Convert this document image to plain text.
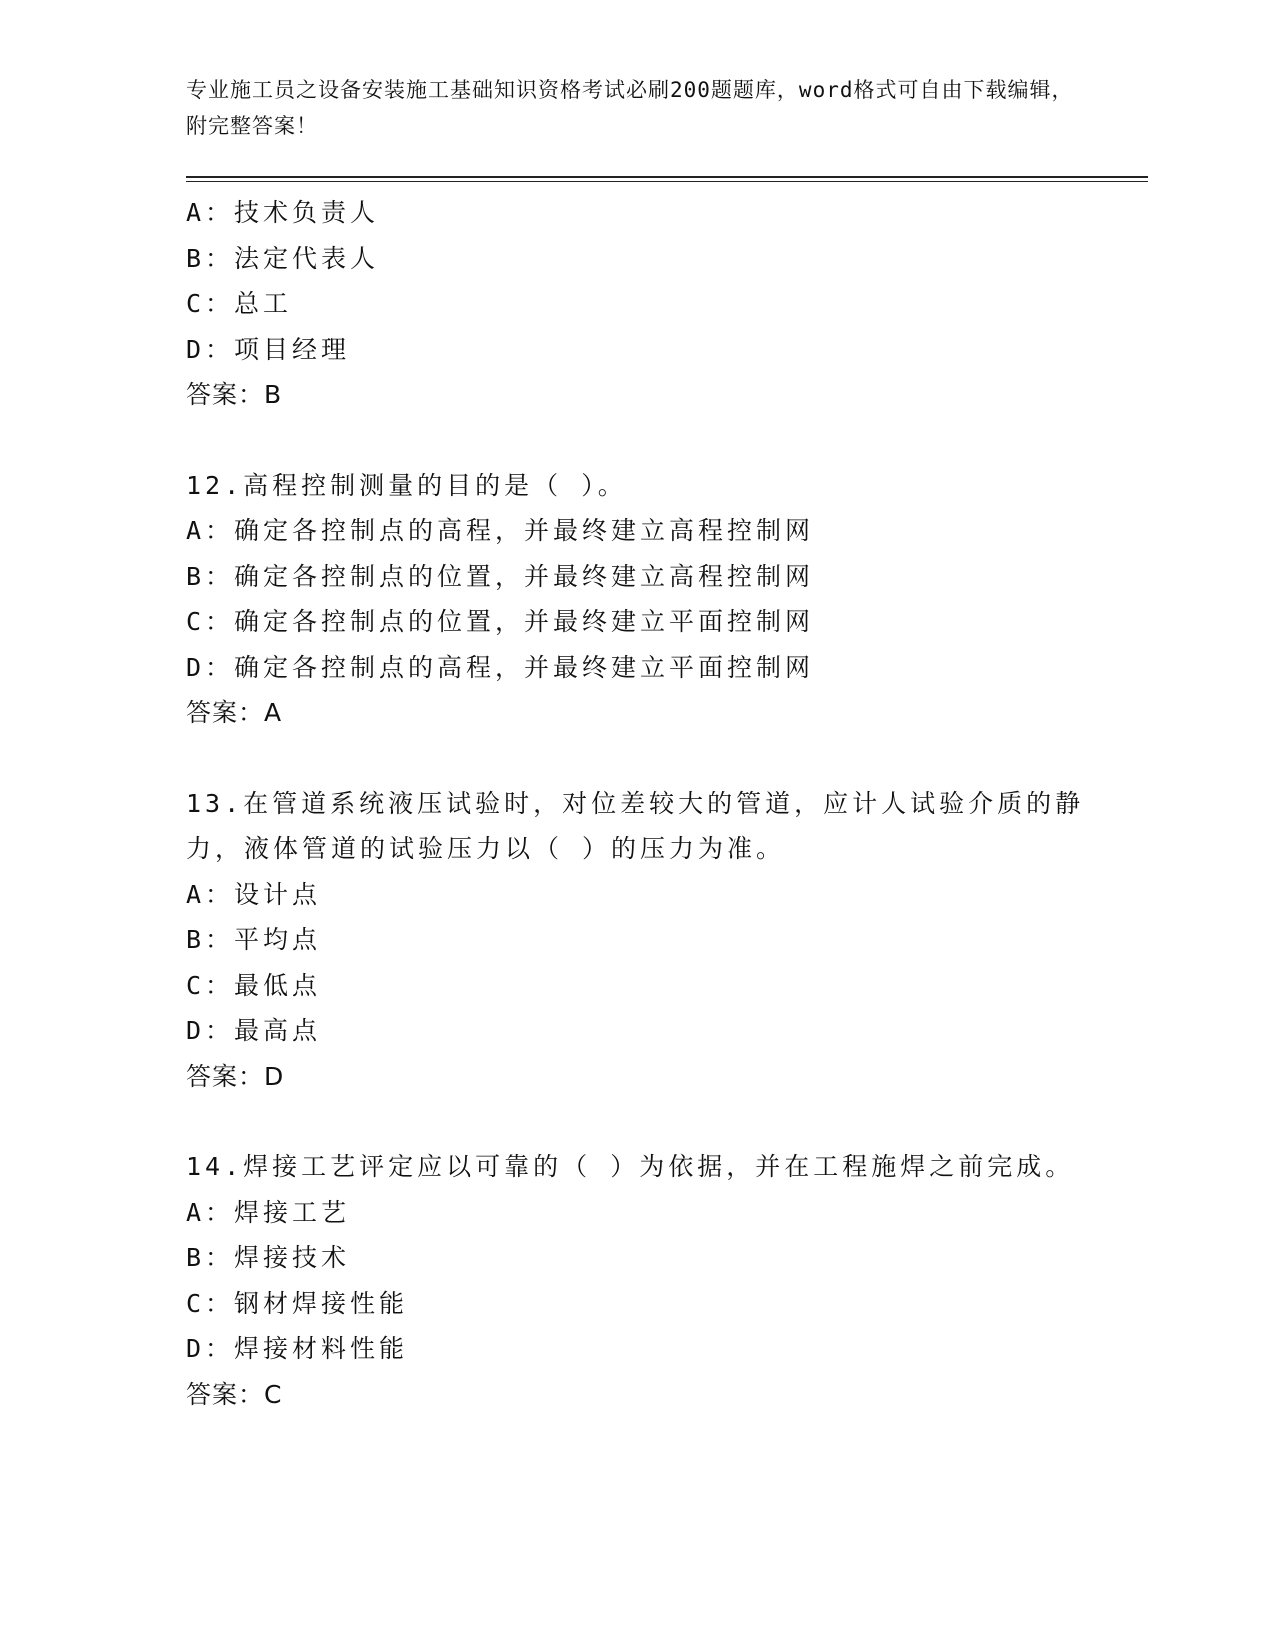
专业施工员之设备安装施工基础知识资格考试必刷200题题库，word格式可自由下载编辑，附完整答案！
A：技术负责人
B：法定代表人
C：总工
D：项目经理
答案：B
12.高程控制测量的目的是（ ）。
A：确定各控制点的高程，并最终建立高程控制网
B：确定各控制点的位置，并最终建立高程控制网
C：确定各控制点的位置，并最终建立平面控制网
D：确定各控制点的高程，并最终建立平面控制网
答案：A
13.在管道系统液压试验时，对位差较大的管道，应计人试验介质的静
力，液体管道的试验压力以（ ）的压力为准。
A：设计点
B：平均点
C：最低点
D：最高点
答案：D
14.焊接工艺评定应以可靠的（ ）为依据，并在工程施焊之前完成。
A：焊接工艺
B：焊接技术
C：钢材焊接性能
D：焊接材料性能
答案：C
